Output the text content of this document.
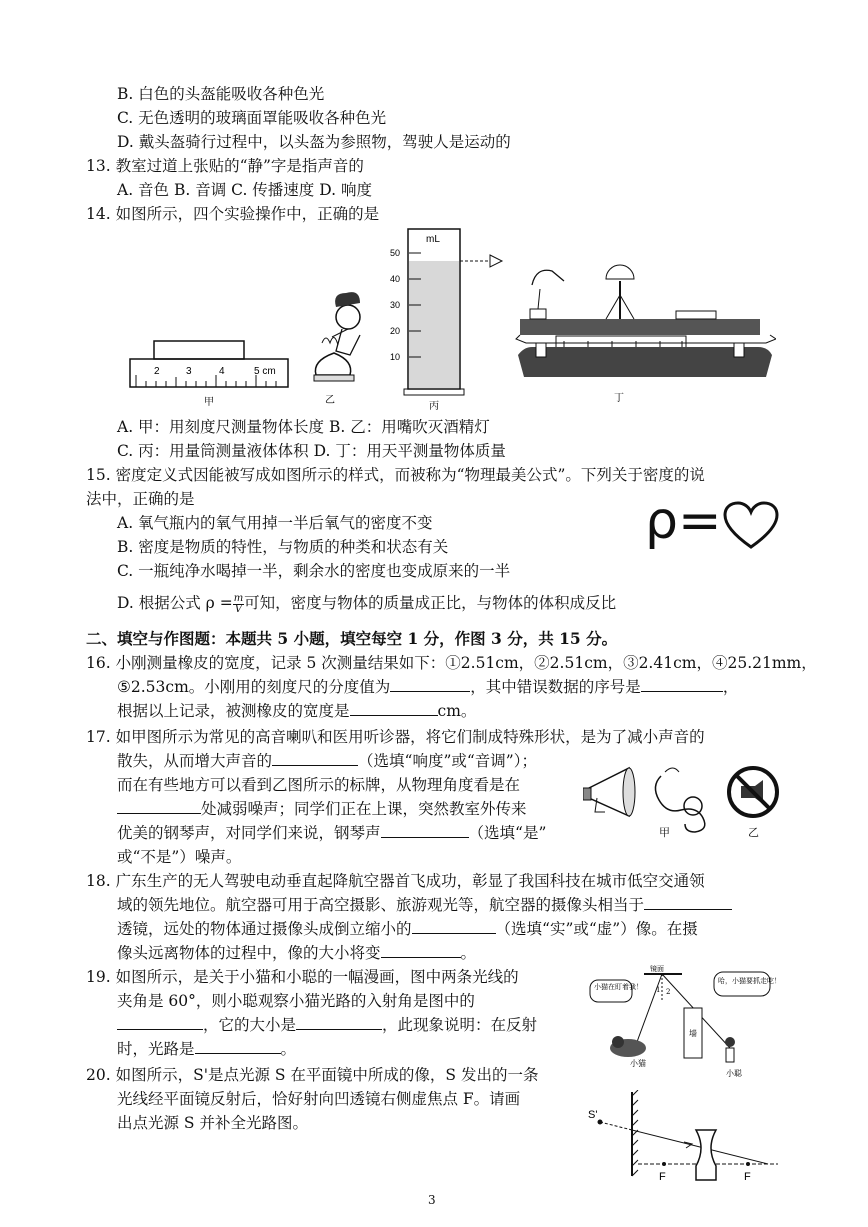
B. 白色的头盔能吸收各种色光
C. 无色透明的玻璃面罩能吸收各种色光
D. 戴头盔骑行过程中，以头盔为参照物，驾驶人是运动的
13. 教室过道上张贴的“静”字是指声音的
A. 音色 B. 音调 C. 传播速度 D. 响度
14. 如图所示，四个实验操作中，正确的是
2	3	4	5 cm
甲	乙
mL
50
40
30
20
10
丙
丁
A. 甲：用刻度尺测量物体长度 B. 乙：用嘴吹灭酒精灯
C. 丙：用量筒测量液体体积 D. 丁：用天平测量物体质量
15. 密度定义式因能被写成如图所示的样式，而被称为“物理最美公式”。下列关于密度的说
法中，正确的是
A. 氧气瓶内的氧气用掉一半后氧气的密度不变
B. 密度是物质的特性，与物质的种类和状态有关
C. 一瓶纯净水喝掉一半，剩余水的密度也变成原来的一半
D. 根据公式 $\rho = \frac{m}{V}$ 可知，密度与物体的质量成正比，与物体的体积成反比
ρ=
二、填空与作图题：本题共 5 小题，填空每空 1 分，作图 3 分，共 15 分。
16. 小刚测量橡皮的宽度，记录 5 次测量结果如下：①2.51cm，②2.51cm，③2.41cm，④25.21mm，
⑤2.53cm。小刚用的刻度尺的分度值为	，其中错误数据的序号是	，
根据以上记录，被测橡皮的宽度是	cm。
17. 如甲图所示为常见的高音喇叭和医用听诊器，将它们制成特殊形状，是为了减小声音的
散失，从而增大声音的	（选填“响度”或“音调”）；
而在有些地方可以看到乙图所示的标牌，从物理角度看是在
处减弱噪声；同学们正在上课，突然教室外传来
优美的钢琴声，对同学们来说，钢琴声	（选填“是”
或“不是”）噪声。
甲	乙
18. 广东生产的无人驾驶电动垂直起降航空器首飞成功，彰显了我国科技在城市低空交通领
域的领先地位。航空器可用于高空摄影、旅游观光等，航空器的摄像头相当于
透镜，远处的物体通过摄像头成倒立缩小的	（选填“实”或“虚”）像。在摄
像头远离物体的过程中，像的大小将变	。
19. 如图所示，是关于小猫和小聪的一幅漫画，图中两条光线的
夹角是 60°，则小聪观察小猫光路的入射角是图中的
，它的大小是	，此现象说明：在反射
时，光路是	。
镜面
1 2
小猫在盯着我！
哈，小猫要抓走吃！
墙
小猫
小聪
20. 如图所示，S'是点光源 S 在平面镜中所成的像，S 发出的一条
光线经平面镜反射后，恰好射向凹透镜右侧虚焦点 F。请画
出点光源 S 并补全光路图。	S'
F	F
3
